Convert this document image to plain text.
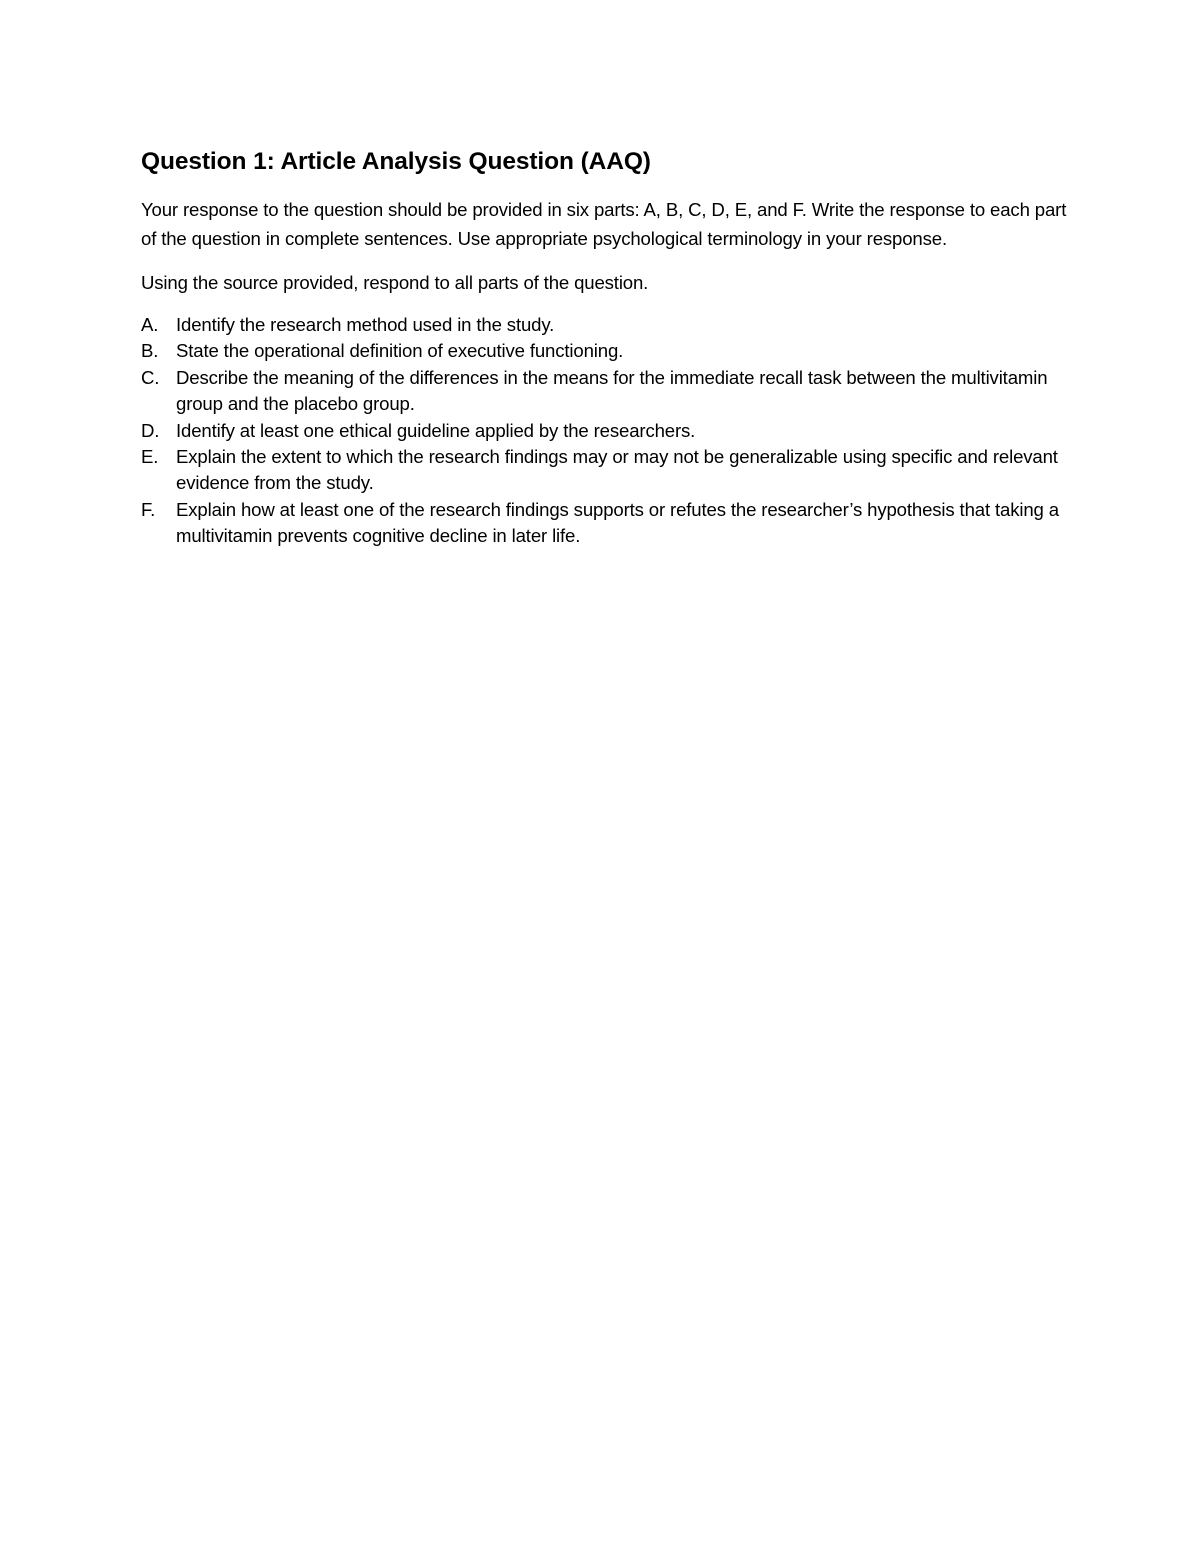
Question 1: Article Analysis Question (AAQ)

Your response to the question should be provided in six parts: A, B, C, D, E, and F. Write the response to each part of the question in complete sentences. Use appropriate psychological terminology in your response.

Using the source provided, respond to all parts of the question.

A. Identify the research method used in the study.
B. State the operational definition of executive functioning.
C. Describe the meaning of the differences in the means for the immediate recall task between the multivitamin group and the placebo group.
D. Identify at least one ethical guideline applied by the researchers.
E. Explain the extent to which the research findings may or may not be generalizable using specific and relevant evidence from the study.
F.	Explain how at least one of the research findings supports or refutes the researcher’s hypothesis that taking a multivitamin prevents cognitive decline in later life.
